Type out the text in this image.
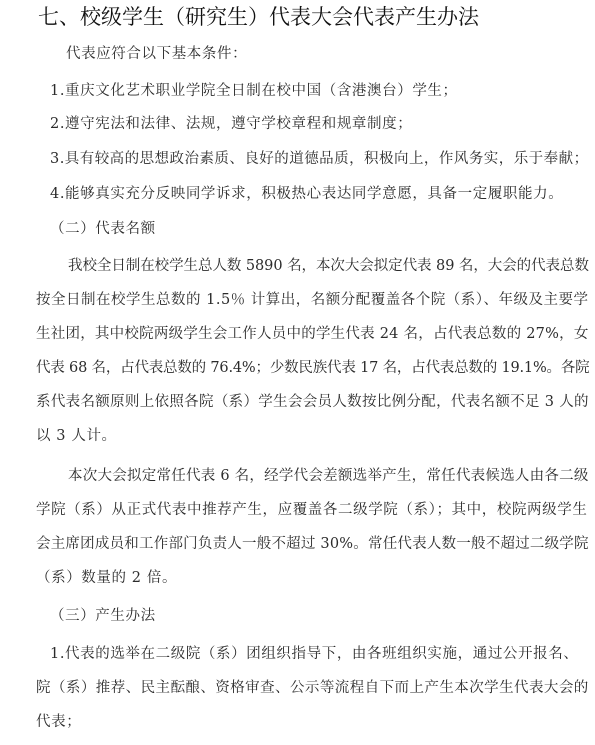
七、校级学生（研究生）代表大会代表产生办法
代表应符合以下基本条件：
1.重庆文化艺术职业学院全日制在校中国（含港澳台）学生；
2.遵守宪法和法律、法规，遵守学校章程和规章制度；
3.具有较高的思想政治素质、良好的道德品质，积极向上，作风务实，乐于奉献；
4.能够真实充分反映同学诉求，积极热心表达同学意愿，具备一定履职能力。
（二）代表名额
我校全日制在校学生总人数 5890 名，本次大会拟定代表 89 名，大会的代表总数
按全日制在校学生总数的 1.5％ 计算出，名额分配覆盖各个院（系）、年级及主要学
生社团，其中校院两级学生会工作人员中的学生代表 24 名，占代表总数的 27%，女
代表 68 名，占代表总数的 76.4%；少数民族代表 17 名，占代表总数的 19.1%。各院
系代表名额原则上依照各院（系）学生会会员人数按比例分配，代表名额不足 3 人的
以 3 人计。
本次大会拟定常任代表 6 名，经学代会差额选举产生，常任代表候选人由各二级
学院（系）从正式代表中推荐产生，应覆盖各二级学院（系）；其中，校院两级学生
会主席团成员和工作部门负责人一般不超过 30%。常任代表人数一般不超过二级学院
（系）数量的 2 倍。
（三）产生办法
1.代表的选举在二级院（系）团组织指导下，由各班组织实施，通过公开报名、
院（系）推荐、民主酝酿、资格审查、公示等流程自下而上产生本次学生代表大会的
代表；
